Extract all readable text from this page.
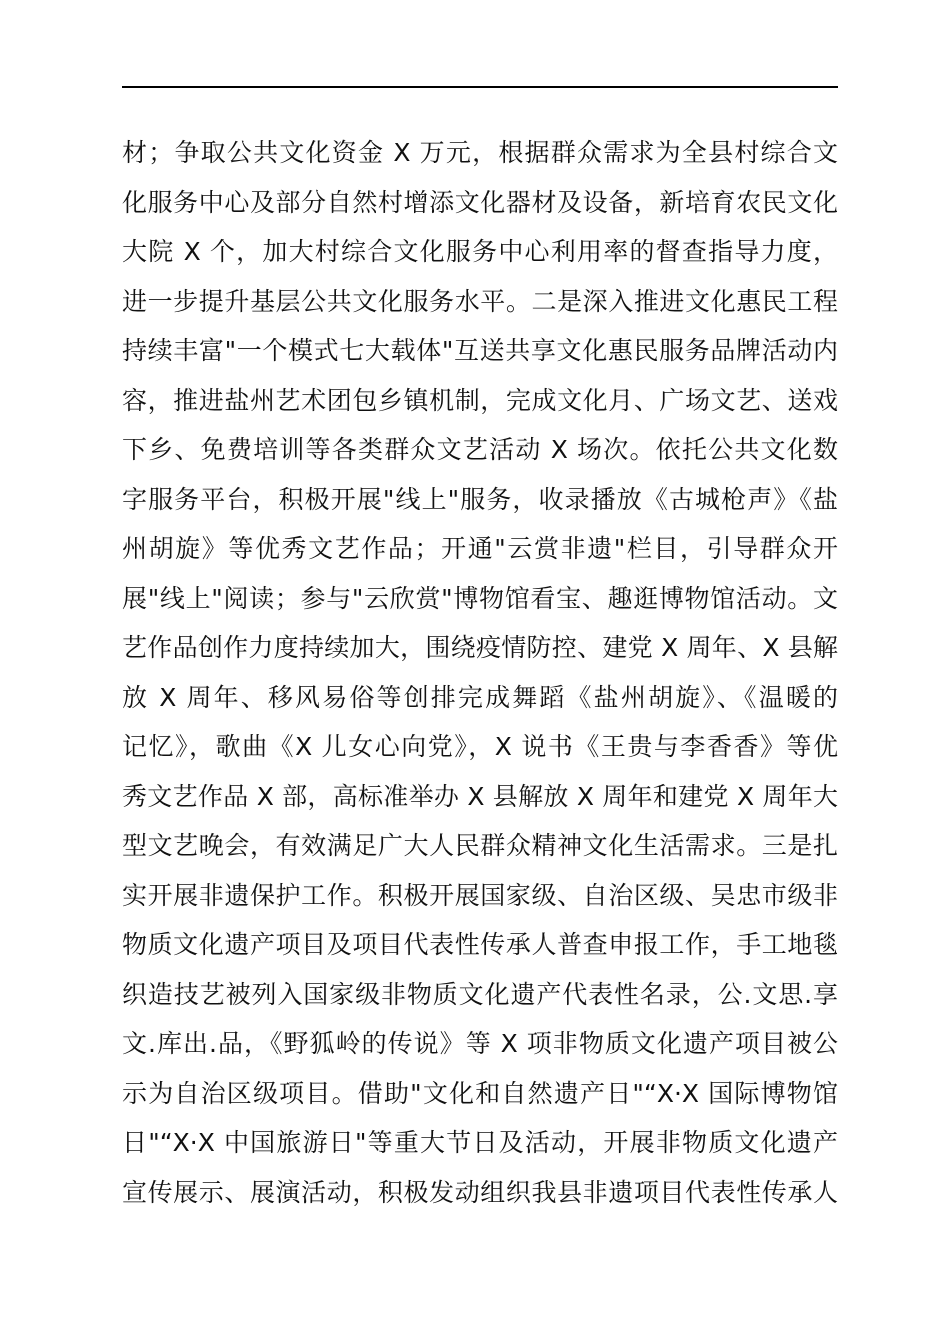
材；争取公共文化资金 X 万元，根据群众需求为全县村综合文
化服务中心及部分自然村增添文化器材及设备，新培育农民文化
大院 X 个，加大村综合文化服务中心利用率的督查指导力度，
进一步提升基层公共文化服务水平。二是深入推进文化惠民工程
持续丰富"一个模式七大载体"互送共享文化惠民服务品牌活动内
容，推进盐州艺术团包乡镇机制，完成文化月、广场文艺、送戏
下乡、免费培训等各类群众文艺活动 X 场次。依托公共文化数
字服务平台，积极开展"线上"服务，收录播放《古城枪声》《盐
州胡旋》等优秀文艺作品；开通"云赏非遗"栏目，引导群众开
展"线上"阅读；参与"云欣赏"博物馆看宝、趣逛博物馆活动。文
艺作品创作力度持续加大，围绕疫情防控、建党 X 周年、X 县解
放 X 周年、移风易俗等创排完成舞蹈《盐州胡旋》、《温暖的
记忆》，歌曲《X 儿女心向党》，X 说书《王贵与李香香》等优
秀文艺作品 X 部，高标准举办 X 县解放 X 周年和建党 X 周年大
型文艺晚会，有效满足广大人民群众精神文化生活需求。三是扎
实开展非遗保护工作。积极开展国家级、自治区级、吴忠市级非
物质文化遗产项目及项目代表性传承人普查申报工作，手工地毯
织造技艺被列入国家级非物质文化遗产代表性名录，公.文思.享
文.库出.品，《野狐岭的传说》等 X 项非物质文化遗产项目被公
示为自治区级项目。借助"文化和自然遗产日"“X·X 国际博物馆
日"“X·X 中国旅游日"等重大节日及活动，开展非物质文化遗产
宣传展示、展演活动，积极发动组织我县非遗项目代表性传承人
